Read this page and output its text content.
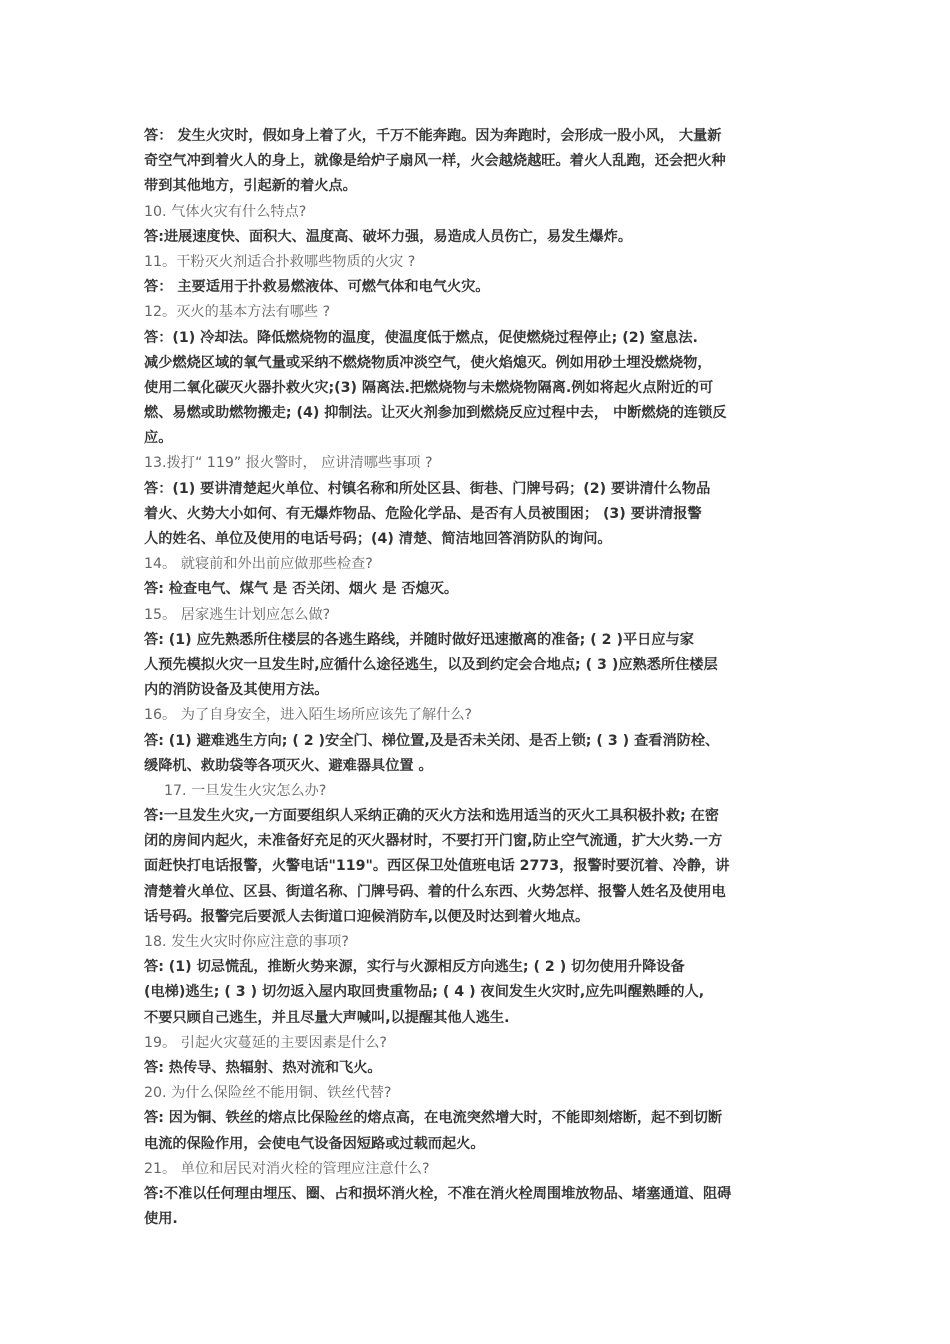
答： 发生火灾时，假如身上着了火，千万不能奔跑。因为奔跑时，会形成一股小风， 大量新
奇空气冲到着火人的身上，就像是给炉子扇风一样，火会越烧越旺。着火人乱跑，还会把火种
带到其他地方，引起新的着火点。
10. 气体火灾有什么特点?
答:进展速度快、面积大、温度高、破坏力强，易造成人员伤亡，易发生爆炸。
11。干粉灭火剂适合扑救哪些物质的火灾 ?
答： 主要适用于扑救易燃液体、可燃气体和电气火灾。
12。灭火的基本方法有哪些 ?
答：(1) 冷却法。降低燃烧物的温度，使温度低于燃点，促使燃烧过程停止; (2) 窒息法.
减少燃烧区域的氧气量或采纳不燃烧物质冲淡空气，使火焰熄灭。例如用砂土埋没燃烧物，
使用二氧化碳灭火器扑救火灾;(3) 隔离法.把燃烧物与未燃烧物隔离.例如将起火点附近的可
燃、易燃或助燃物搬走; (4) 抑制法。让灭火剂参加到燃烧反应过程中去， 中断燃烧的连锁反
应。
13.拨打“ 119” 报火警时， 应讲清哪些事项 ?
答：(1) 要讲清楚起火单位、村镇名称和所处区县、街巷、门牌号码；(2) 要讲清什么物品
着火、火势大小如何、有无爆炸物品、危险化学品、是否有人员被围困； (3) 要讲清报警
人的姓名、单位及使用的电话号码；(4) 清楚、简洁地回答消防队的询问。
14。 就寝前和外出前应做那些检查?
答: 检查电气、煤气 是 否关闭、烟火 是 否熄灭。
15。 居家逃生计划应怎么做?
答: (1) 应先熟悉所住楼层的各逃生路线，并随时做好迅速撤离的准备; ( 2 )平日应与家
人预先模拟火灾一旦发生时,应循什么途径逃生，以及到约定会合地点; ( 3 )应熟悉所住楼层
内的消防设备及其使用方法。
16。 为了自身安全，进入陌生场所应该先了解什么?
答: (1) 避难逃生方向; ( 2 )安全门、梯位置,及是否未关闭、是否上锁; ( 3 ) 查看消防栓、
缓降机、救助袋等各项灭火、避难器具位置 。
17. 一旦发生火灾怎么办?
答:一旦发生火灾,一方面要组织人采纳正确的灭火方法和选用适当的灭火工具积极扑救; 在密
闭的房间内起火，未准备好充足的灭火器材时，不要打开门窗,防止空气流通，扩大火势.一方
面赶快打电话报警，火警电话"119"。西区保卫处值班电话 2773，报警时要沉着、冷静，讲
清楚着火单位、区县、街道名称、门牌号码、着的什么东西、火势怎样、报警人姓名及使用电
话号码。报警完后要派人去街道口迎候消防车,以便及时达到着火地点。
18. 发生火灾时你应注意的事项?
答: (1) 切忌慌乱，推断火势来源，实行与火源相反方向逃生; ( 2 ) 切勿使用升降设备
(电梯)逃生; ( 3 ) 切勿返入屋内取回贵重物品; ( 4 ) 夜间发生火灾时,应先叫醒熟睡的人,
不要只顾自己逃生，并且尽量大声喊叫,以提醒其他人逃生.
19。 引起火灾蔓延的主要因素是什么?
答: 热传导、热辐射、热对流和飞火。
20. 为什么保险丝不能用铜、铁丝代替?
答: 因为铜、铁丝的熔点比保险丝的熔点高，在电流突然增大时，不能即刻熔断，起不到切断
电流的保险作用，会使电气设备因短路或过载而起火。
21。 单位和居民对消火栓的管理应注意什么?
答:不准以任何理由埋压、圈、占和损坏消火栓，不准在消火栓周围堆放物品、堵塞通道、阻碍
使用.
